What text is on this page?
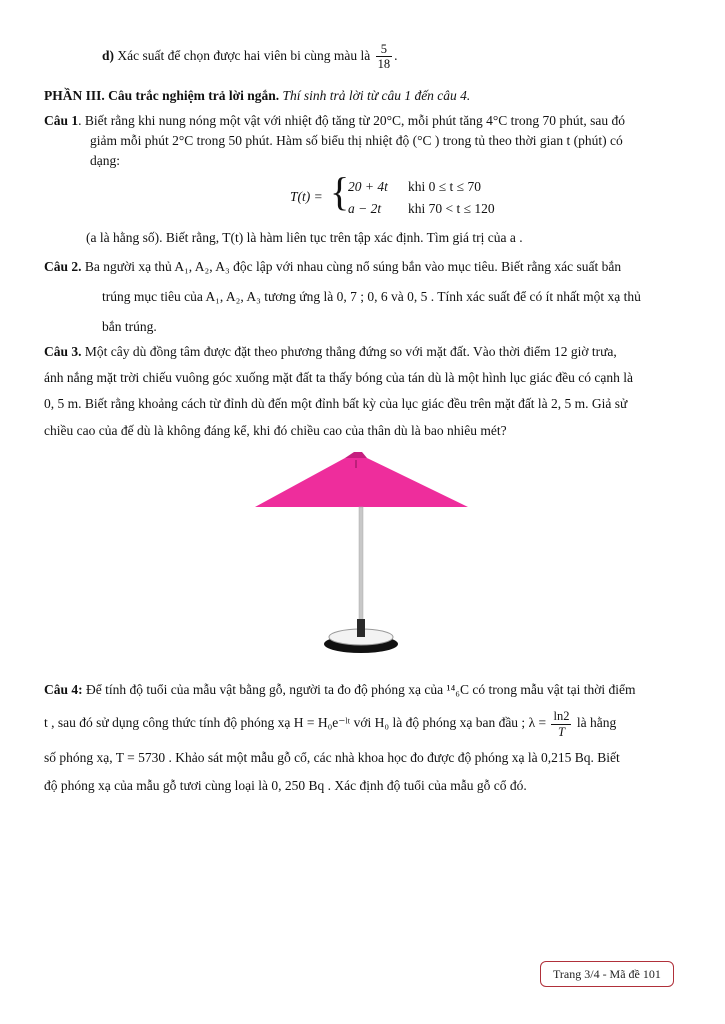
d) Xác suất để chọn được hai viên bi cùng màu là $\frac{5}{18}$ .
PHẦN III. Câu trắc nghiệm trả lời ngắn. Thí sinh trả lời từ câu 1 đến câu 4.
Câu 1. Biết rằng khi nung nóng một vật với nhiệt độ tăng từ 20°C, mỗi phút tăng 4°C trong 70 phút, sau đó
giảm mỗi phút 2°C trong 50 phút. Hàm số biểu thị nhiệt độ (°C ) trong tủ theo thời gian t (phút) có
dạng:
T(t) = {
20 + 4t khi 0 ≤ t ≤ 70
a − 2t khi 70 < t ≤ 120
(a là hằng số). Biết rằng, T(t) là hàm liên tục trên tập xác định. Tìm giá trị của a .
Câu 2. Ba người xạ thủ A₁, A₂, A₃ độc lập với nhau cùng nổ súng bắn vào mục tiêu. Biết rằng xác suất bắn
trúng mục tiêu của A₁, A₂, A₃ tương ứng là 0, 7 ; 0, 6 và 0, 5 . Tính xác suất để có ít nhất một xạ thủ
bắn trúng.
Câu 3. Một cây dù đồng tâm được đặt theo phương thẳng đứng so với mặt đất. Vào thời điểm 12 giờ trưa,
ánh nắng mặt trời chiếu vuông góc xuống mặt đất ta thấy bóng của tán dù là một hình lục giác đều có cạnh là
0, 5 m. Biết rằng khoảng cách từ đỉnh dù đến một đỉnh bất kỳ của lục giác đều trên mặt đất là 2, 5 m. Giả sử
chiều cao của đế dù là không đáng kể, khi đó chiều cao của thân dù là bao nhiêu mét?
Câu 4: Để tính độ tuổi của mẫu vật bằng gỗ, người ta đo độ phóng xạ của ¹⁴₆C có trong mẫu vật tại thời điểm
t , sau đó sử dụng công thức tính độ phóng xạ H = H₀e⁻ˡᵗ với H₀ là độ phóng xạ ban đầu ; $\lambda = \frac{\ln 2}{T}$ là hằng
số phóng xạ, T = 5730 . Khảo sát một mẫu gỗ cổ, các nhà khoa học đo được độ phóng xạ là 0,215 Bq. Biết
độ phóng xạ của mẫu gỗ tươi cùng loại là 0, 250 Bq . Xác định độ tuổi của mẫu gỗ cổ đó.
Trang 3/4 - Mã đề 101
